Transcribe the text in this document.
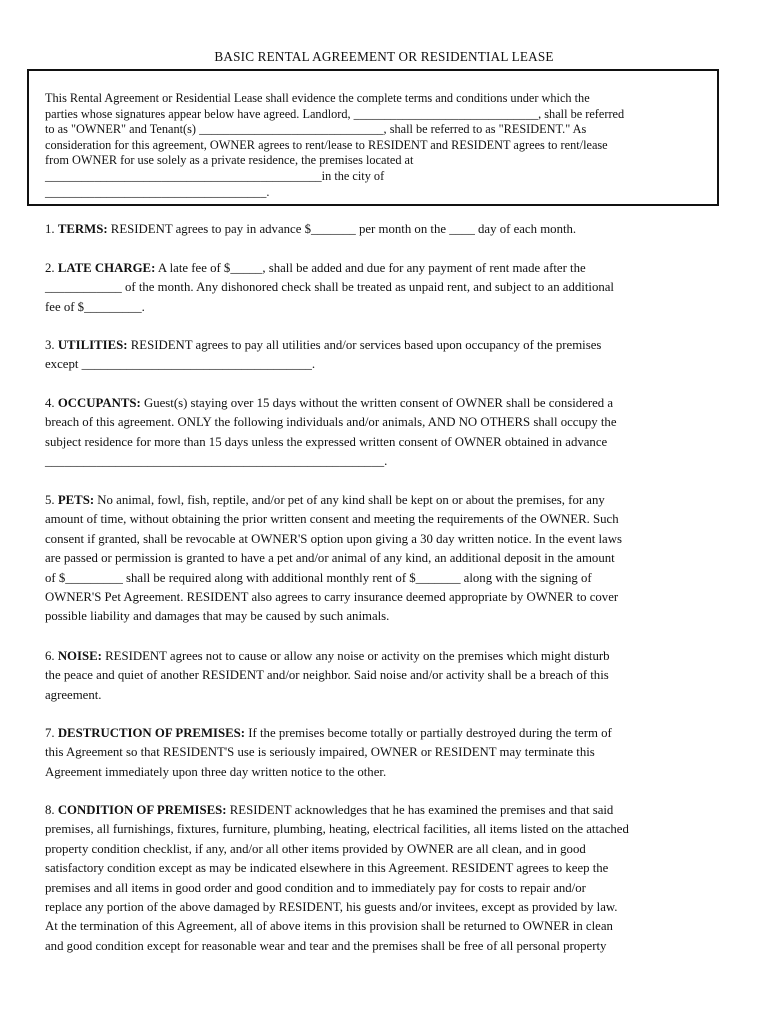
BASIC RENTAL AGREEMENT OR RESIDENTIAL LEASE
This Rental Agreement or Residential Lease shall evidence the complete terms and conditions under which the
parties whose signatures appear below have agreed. Landlord, ______________________________, shall be referred
to as "OWNER" and Tenant(s) ______________________________, shall be referred to as "RESIDENT." As
consideration for this agreement, OWNER agrees to rent/lease to RESIDENT and RESIDENT agrees to rent/lease
from OWNER for use solely as a private residence, the premises located at
_____________________________________________in the city of
____________________________________.
1. TERMS: RESIDENT agrees to pay in advance $_______ per month on the ____ day of each month.
2. LATE CHARGE: A late fee of $_____, shall be added and due for any payment of rent made after the
____________ of the month. Any dishonored check shall be treated as unpaid rent, and subject to an additional
fee of $_________.
3. UTILITIES: RESIDENT agrees to pay all utilities and/or services based upon occupancy of the premises
except ____________________________________.
4. OCCUPANTS: Guest(s) staying over 15 days without the written consent of OWNER shall be considered a
breach of this agreement. ONLY the following individuals and/or animals, AND NO OTHERS shall occupy the
subject residence for more than 15 days unless the expressed written consent of OWNER obtained in advance
_____________________________________________________.
5. PETS: No animal, fowl, fish, reptile, and/or pet of any kind shall be kept on or about the premises, for any
amount of time, without obtaining the prior written consent and meeting the requirements of the OWNER. Such
consent if granted, shall be revocable at OWNER'S option upon giving a 30 day written notice. In the event laws
are passed or permission is granted to have a pet and/or animal of any kind, an additional deposit in the amount
of $_________ shall be required along with additional monthly rent of $_______ along with the signing of
OWNER'S Pet Agreement. RESIDENT also agrees to carry insurance deemed appropriate by OWNER to cover
possible liability and damages that may be caused by such animals.
6. NOISE: RESIDENT agrees not to cause or allow any noise or activity on the premises which might disturb
the peace and quiet of another RESIDENT and/or neighbor. Said noise and/or activity shall be a breach of this
agreement.
7. DESTRUCTION OF PREMISES: If the premises become totally or partially destroyed during the term of
this Agreement so that RESIDENT'S use is seriously impaired, OWNER or RESIDENT may terminate this
Agreement immediately upon three day written notice to the other.
8. CONDITION OF PREMISES: RESIDENT acknowledges that he has examined the premises and that said
premises, all furnishings, fixtures, furniture, plumbing, heating, electrical facilities, all items listed on the attached
property condition checklist, if any, and/or all other items provided by OWNER are all clean, and in good
satisfactory condition except as may be indicated elsewhere in this Agreement. RESIDENT agrees to keep the
premises and all items in good order and good condition and to immediately pay for costs to repair and/or
replace any portion of the above damaged by RESIDENT, his guests and/or invitees, except as provided by law.
At the termination of this Agreement, all of above items in this provision shall be returned to OWNER in clean
and good condition except for reasonable wear and tear and the premises shall be free of all personal property
